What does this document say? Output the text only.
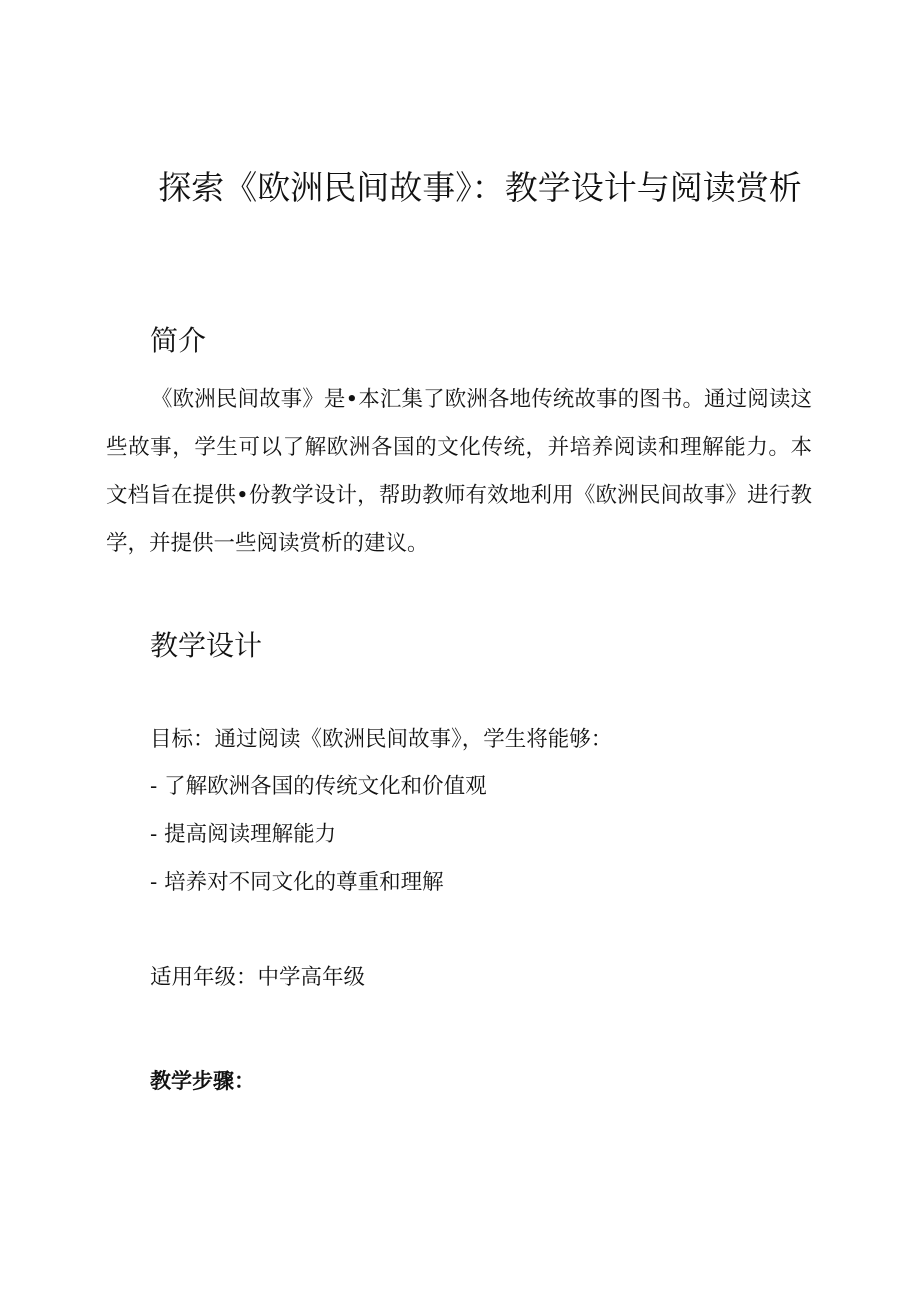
探索《欧洲民间故事》：教学设计与阅读赏析
简介

《欧洲民间故事》是•本汇集了欧洲各地传统故事的图书。通过阅读这些故事，学生可以了解欧洲各国的文化传统，并培养阅读和理解能力。本文档旨在提供•份教学设计，帮助教师有效地利用《欧洲民间故事》进行教学，并提供一些阅读赏析的建议。

教学设计

目标：通过阅读《欧洲民间故事》，学生将能够：

- 了解欧洲各国的传统文化和价值观

- 提高阅读理解能力

- 培养对不同文化的尊重和理解

适用年级：中学高年级

教学步骤：
